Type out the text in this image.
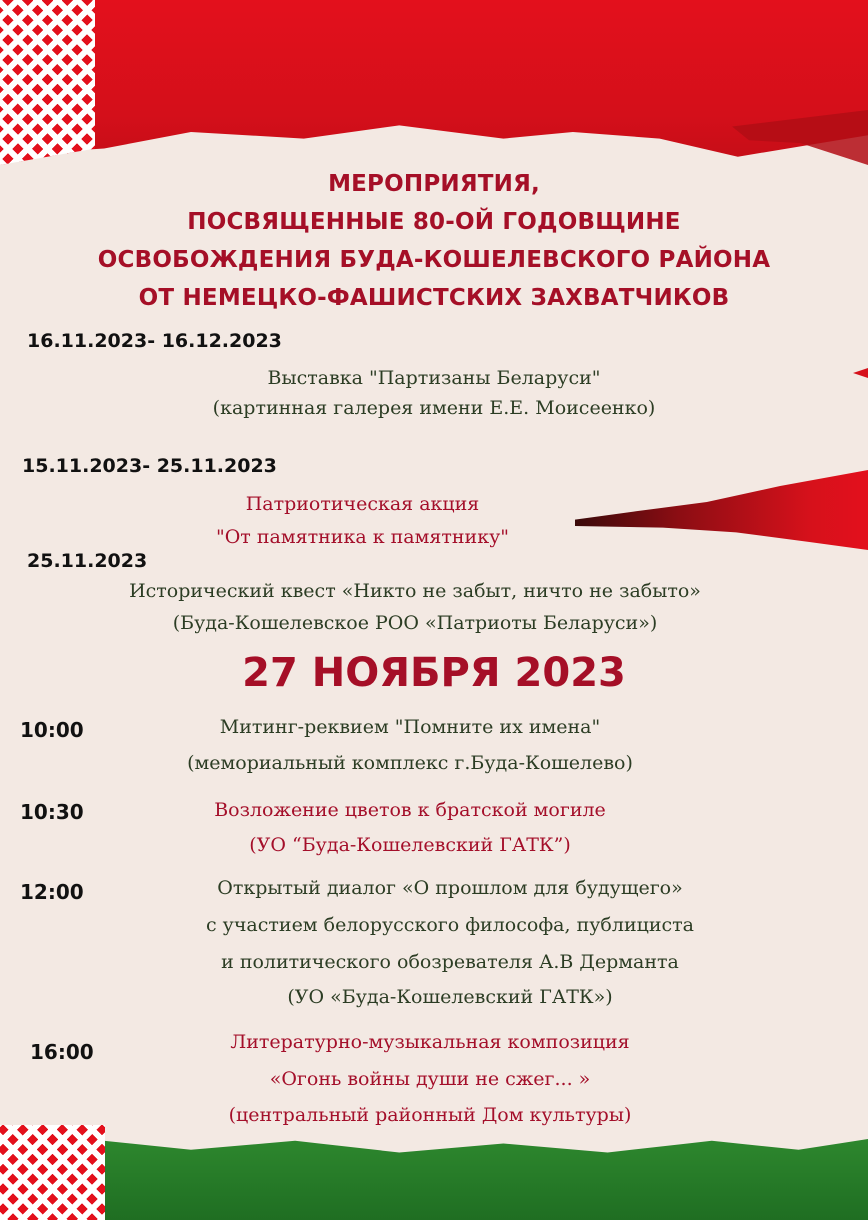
МЕРОПРИЯТИЯ,
ПОСВЯЩЕННЫЕ 80-ОЙ ГОДОВЩИНЕ
ОСВОБОЖДЕНИЯ БУДА-КОШЕЛЕВСКОГО РАЙОНА
ОТ НЕМЕЦКО-ФАШИСТСКИХ ЗАХВАТЧИКОВ
16.11.2023- 16.12.2023
Выставка "Партизаны Беларуси"
(картинная галерея имени Е.Е. Моисеенко)
15.11.2023- 25.11.2023
Патриотическая акция
"От памятника к памятнику"
25.11.2023
Исторический квест «Никто не забыт, ничто не забыто»
(Буда-Кошелевское РОО «Патриоты Беларуси»)
27 НОЯБРЯ 2023
10:00	Митинг-реквием "Помните их имена"
(мемориальный комплекс г.Буда-Кошелево)
10:30	Возложение цветов к братской могиле
(УО “Буда-Кошелевский ГАТК”)
12:00	Открытый диалог «О прошлом для будущего»
с участием белорусского философа, публициста
и политического обозревателя А.В Дерманта
(УО «Буда-Кошелевский ГАТК»)
16:00	Литературно-музыкальная композиция
«Огонь войны души не сжег... »
(центральный районный Дом культуры)
